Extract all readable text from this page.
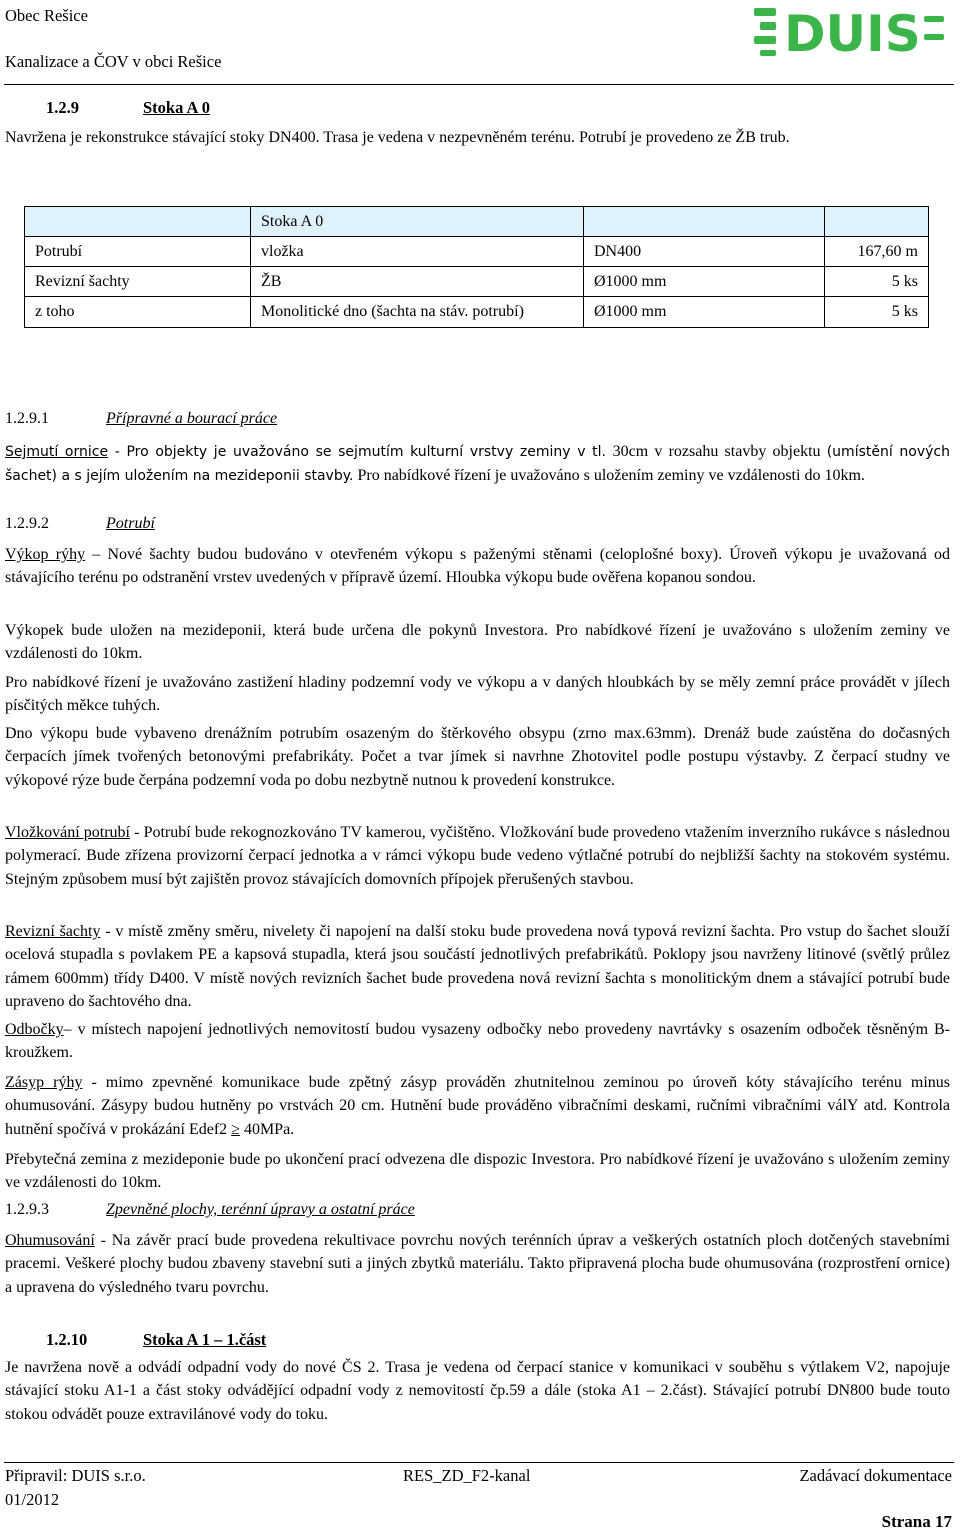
Obec Rešice
Kanalizace a ČOV v obci Rešice	DUIS
1.2.9	Stoka A 0
Navržena je rekonstrukce stávající stoky DN400. Trasa je vedena v nezpevněném terénu. Potrubí je provedeno ze ŽB trub.
	Stoka A 0		
Potrubí	vložka	DN400	167,60 m
Revizní šachty	ŽB	Ø1000 mm	5 ks
z toho	Monolitické dno (šachta na stáv. potrubí)	Ø1000 mm	5 ks
1.2.9.1	Přípravné a bourací práce
Sejmutí ornice - Pro objekty je uvažováno se sejmutím kulturní vrstvy zeminy v tl. 30cm v rozsahu stavby objektu (umístění nových šachet) a s jejím uložením na mezideponii stavby. Pro nabídkové řízení je uvažováno s uložením zeminy ve vzdálenosti do 10km.
1.2.9.2	Potrubí
Výkop rýhy – Nové šachty budou budováno v otevřeném výkopu s paženými stěnami (celoplošné boxy). Úroveň výkopu je uvažovaná od stávajícího terénu po odstranění vrstev uvedených v přípravě území. Hloubka výkopu bude ověřena kopanou sondou.
Výkopek bude uložen na mezideponii, která bude určena dle pokynů Investora. Pro nabídkové řízení je uvažováno s uložením zeminy ve vzdálenosti do 10km.
Pro nabídkové řízení je uvažováno zastižení hladiny podzemní vody ve výkopu a v daných hloubkách by se měly zemní práce provádět v jílech písčitých měkce tuhých.
Dno výkopu bude vybaveno drenážním potrubím osazeným do štěrkového obsypu (zrno max.63mm). Drenáž bude zaústěna do dočasných čerpacích jímek tvořených betonovými prefabrikáty. Počet a tvar jímek si navrhne Zhotovitel podle postupu výstavby. Z čerpací studny ve výkopové rýze bude čerpána podzemní voda po dobu nezbytně nutnou k provedení konstrukce.
Vložkování potrubí - Potrubí bude rekognozkováno TV kamerou, vyčištěno. Vložkování bude provedeno vtažením inverzního rukávce s následnou polymerací. Bude zřízena provizorní čerpací jednotka a v rámci výkopu bude vedeno výtlačné potrubí do nejbližší šachty na stokovém systému. Stejným způsobem musí být zajištěn provoz stávajících domovních přípojek přerušených stavbou.
Revizní šachty - v místě změny směru, nivelety či napojení na další stoku bude provedena nová typová revizní šachta. Pro vstup do šachet slouží ocelová stupadla s povlakem PE a kapsová stupadla, která jsou součástí jednotlivých prefabrikátů. Poklopy jsou navrženy litinové (světlý průlez rámem 600mm) třídy D400. V místě nových revizních šachet bude provedena nová revizní šachta s monolitickým dnem a stávající potrubí bude upraveno do šachtového dna.
Odbočky– v místech napojení jednotlivých nemovitostí budou vysazeny odbočky nebo provedeny navrtávky s osazením odboček těsněným B-kroužkem.
Zásyp rýhy - mimo zpevněné komunikace bude zpětný zásyp prováděn zhutnitelnou zeminou po úroveň kóty stávajícího terénu minus ohumusování. Zásypy budou hutněny po vrstvách 20 cm. Hutnění bude prováděno vibračními deskami, ručními vibračními válY atd. Kontrola hutnění spočívá v prokázání Edef2 ≥ 40MPa.
Přebytečná zemina z mezideponie bude po ukončení prací odvezena dle dispozic Investora. Pro nabídkové řízení je uvažováno s uložením zeminy ve vzdálenosti do 10km.
1.2.9.3	Zpevněné plochy, terénní úpravy a ostatní práce
Ohumusování - Na závěr prací bude provedena rekultivace povrchu nových terénních úprav a veškerých ostatních ploch dotčených stavebními pracemi. Veškeré plochy budou zbaveny stavební suti a jiných zbytků materiálu. Takto připravená plocha bude ohumusována (rozprostření ornice) a upravena do výsledného tvaru povrchu.
1.2.10	Stoka A 1 – 1.část
Je navržena nově a odvádí odpadní vody do nové ČS 2. Trasa je vedena od čerpací stanice v komunikaci v souběhu s výtlakem V2, napojuje stávající stoku A1-1 a část stoky odvádějící odpadní vody z nemovitostí čp.59 a dále (stoka A1 – 2.část). Stávající potrubí DN800 bude touto stokou odvádět pouze extravilánové vody do toku.
Připravil: DUIS s.r.o.	RES_ZD_F2-kanal	Zadávací dokumentace
01/2012
Strana 17
